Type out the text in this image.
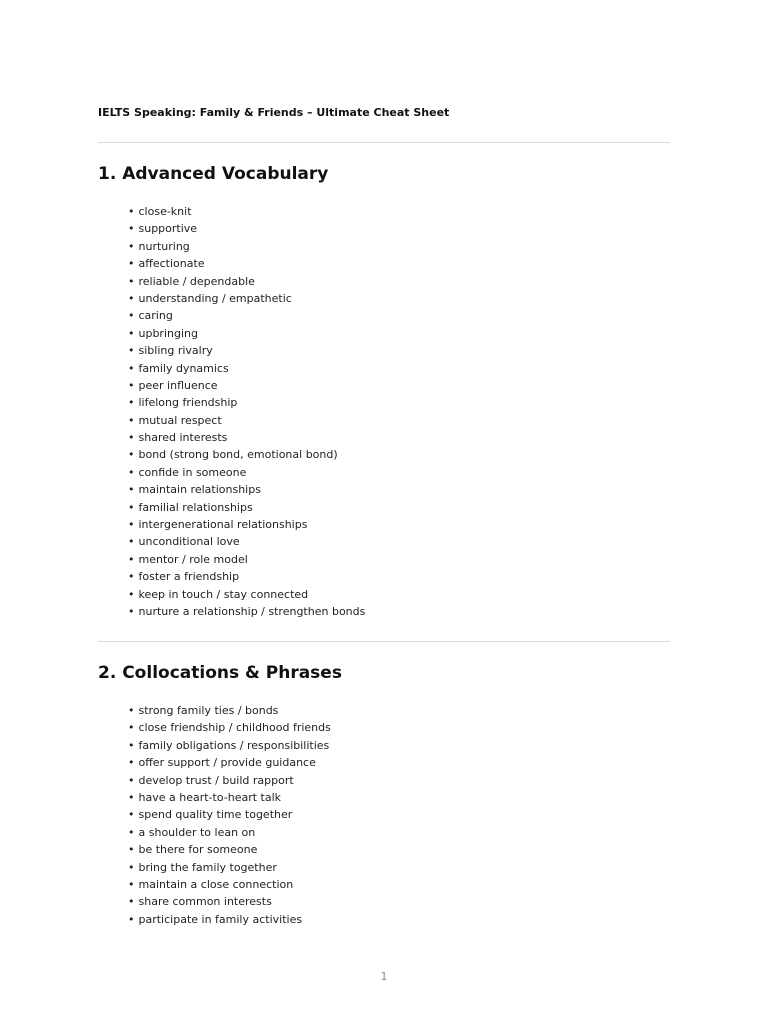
IELTS Speaking: Family & Friends – Ultimate Cheat Sheet
1. Advanced Vocabulary
• close-knit
• supportive
• nurturing
• affectionate
• reliable / dependable
• understanding / empathetic
• caring
• upbringing
• sibling rivalry
• family dynamics
• peer influence
• lifelong friendship
• mutual respect
• shared interests
• bond (strong bond, emotional bond)
• confide in someone
• maintain relationships
• familial relationships
• intergenerational relationships
• unconditional love
• mentor / role model
• foster a friendship
• keep in touch / stay connected
• nurture a relationship / strengthen bonds
2. Collocations & Phrases
• strong family ties / bonds
• close friendship / childhood friends
• family obligations / responsibilities
• offer support / provide guidance
• develop trust / build rapport
• have a heart-to-heart talk
• spend quality time together
• a shoulder to lean on
• be there for someone
• bring the family together
• maintain a close connection
• share common interests
• participate in family activities
1
